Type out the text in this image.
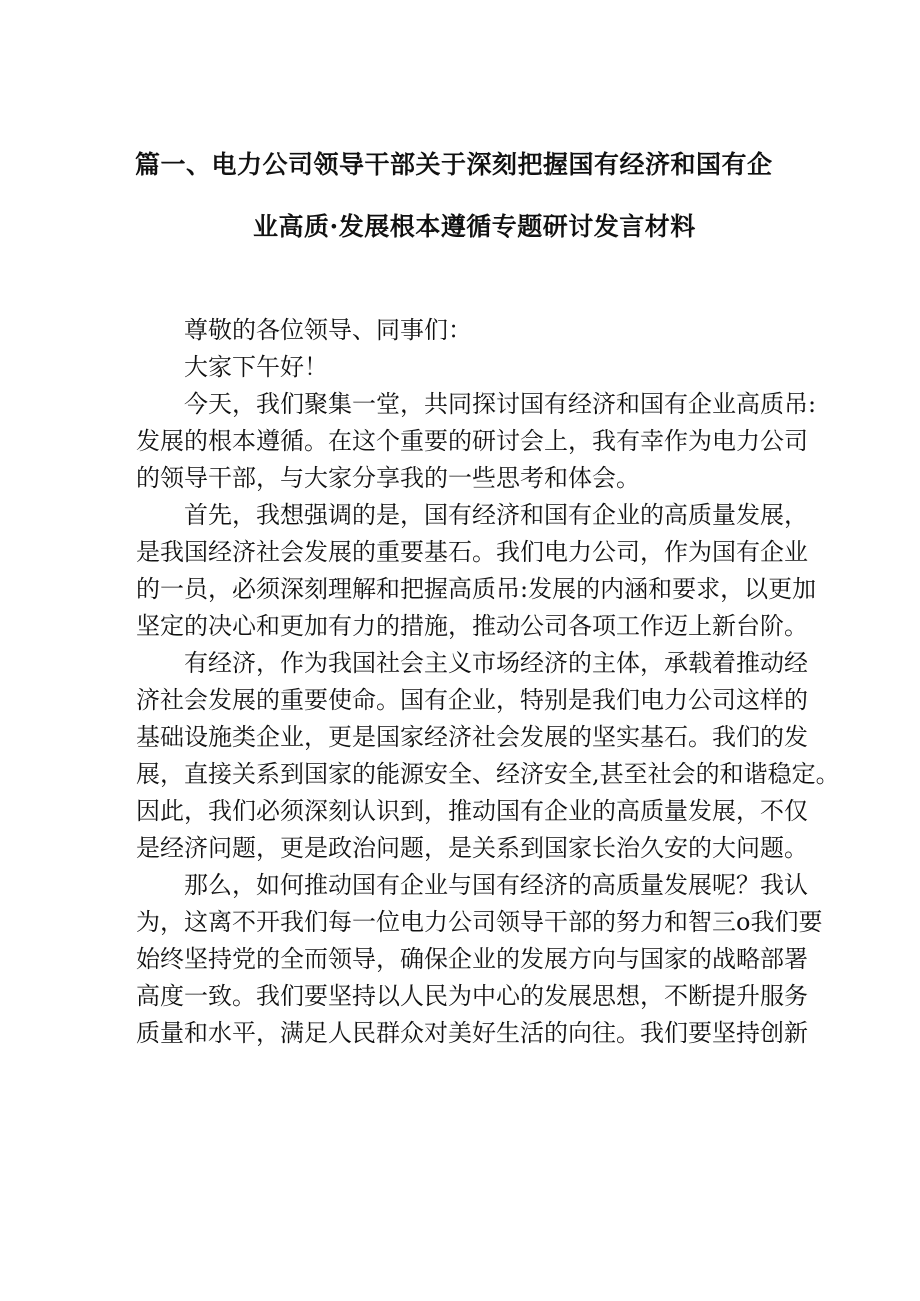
篇一、电力公司领导干部关于深刻把握国有经济和国有企
业高质·发展根本遵循专题研讨发言材料
尊敬的各位领导、同事们：
大家下午好！
今天，我们聚集一堂，共同探讨国有经济和国有企业高质吊:
发展的根本遵循。在这个重要的研讨会上，我有幸作为电力公司
的领导干部，与大家分享我的一些思考和体会。
首先，我想强调的是，国有经济和国有企业的高质量发展，
是我国经济社会发展的重要基石。我们电力公司，作为国有企业
的一员，必须深刻理解和把握高质吊:发展的内涵和要求，以更加
坚定的决心和更加有力的措施，推动公司各项工作迈上新台阶。
有经济，作为我国社会主义市场经济的主体，承载着推动经
济社会发展的重要使命。国有企业，特别是我们电力公司这样的
基础设施类企业，更是国家经济社会发展的坚实基石。我们的发
展，直接关系到国家的能源安全、经济安全,甚至社会的和谐稳定。
因此，我们必须深刻认识到，推动国有企业的高质量发展，不仅
是经济问题，更是政治问题，是关系到国家长治久安的大问题。
那么，如何推动国有企业与国有经济的高质量发展呢？我认
为，这离不开我们每一位电力公司领导干部的努力和智三o我们要
始终坚持党的全而领导，确保企业的发展方向与国家的战略部署
高度一致。我们要坚持以人民为中心的发展思想，不断提升服务
质量和水平，满足人民群众对美好生活的向往。我们要坚持创新
